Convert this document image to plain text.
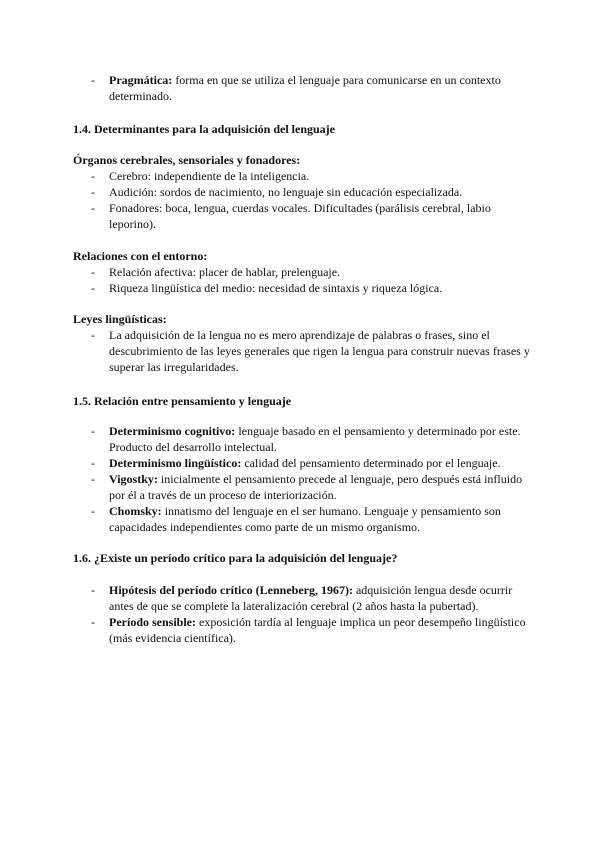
- Pragmática: forma en que se utiliza el lenguaje para comunicarse en un contexto determinado.
1.4. Determinantes para la adquisición del lenguaje
Órganos cerebrales, sensoriales y fonadores:
- Cerebro: independiente de la inteligencia.
- Audición: sordos de nacimiento, no lenguaje sin educación especializada.
- Fonadores: boca, lengua, cuerdas vocales. Dificultades (parálisis cerebral, labio leporino).
Relaciones con el entorno:
- Relación afectiva: placer de hablar, prelenguaje.
- Riqueza lingüística del medio: necesidad de sintaxis y riqueza lógica.
Leyes lingüísticas:
- La adquisición de la lengua no es mero aprendizaje de palabras o frases, sino el descubrimiento de las leyes generales que rigen la lengua para construir nuevas frases y superar las irregularidades.
1.5. Relación entre pensamiento y lenguaje
- Determinismo cognitivo: lenguaje basado en el pensamiento y determinado por este. Producto del desarrollo intelectual.
- Determinismo lingüístico: calidad del pensamiento determinado por el lenguaje.
- Vigostky: inicialmente el pensamiento precede al lenguaje, pero después está influido por él a través de un proceso de interiorización.
- Chomsky: innatismo del lenguaje en el ser humano. Lenguaje y pensamiento son capacidades independientes como parte de un mismo organismo.
1.6. ¿Existe un período crítico para la adquisición del lenguaje?
- Hipótesis del período crítico (Lenneberg, 1967): adquisición lengua desde ocurrir antes de que se complete la lateralización cerebral (2 años hasta la pubertad).
- Período sensible: exposición tardía al lenguaje implica un peor desempeño lingüístico (más evidencia científica).
